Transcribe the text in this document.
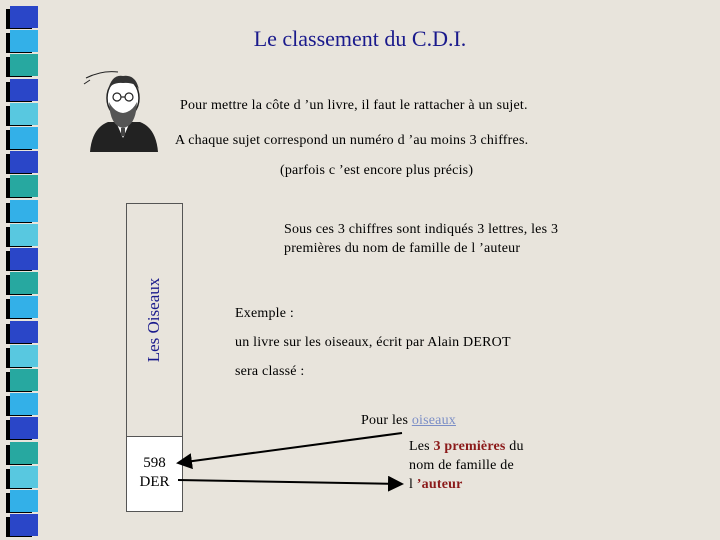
Le classement du C.D.I.
Pour mettre la côte d ’un livre, il faut le rattacher à un sujet.
A chaque sujet correspond un numéro d ’au moins 3 chiffres.
(parfois c ’est encore plus précis)
Sous ces 3 chiffres sont indiqués 3 lettres, les 3
premières du nom de famille de l ’auteur
Exemple :
un livre sur les oiseaux, écrit par Alain DEROT
sera classé :
Les Oiseaux
598
DER
Pour les oiseaux
Les 3 premières du
nom de famille de
l ’auteur
